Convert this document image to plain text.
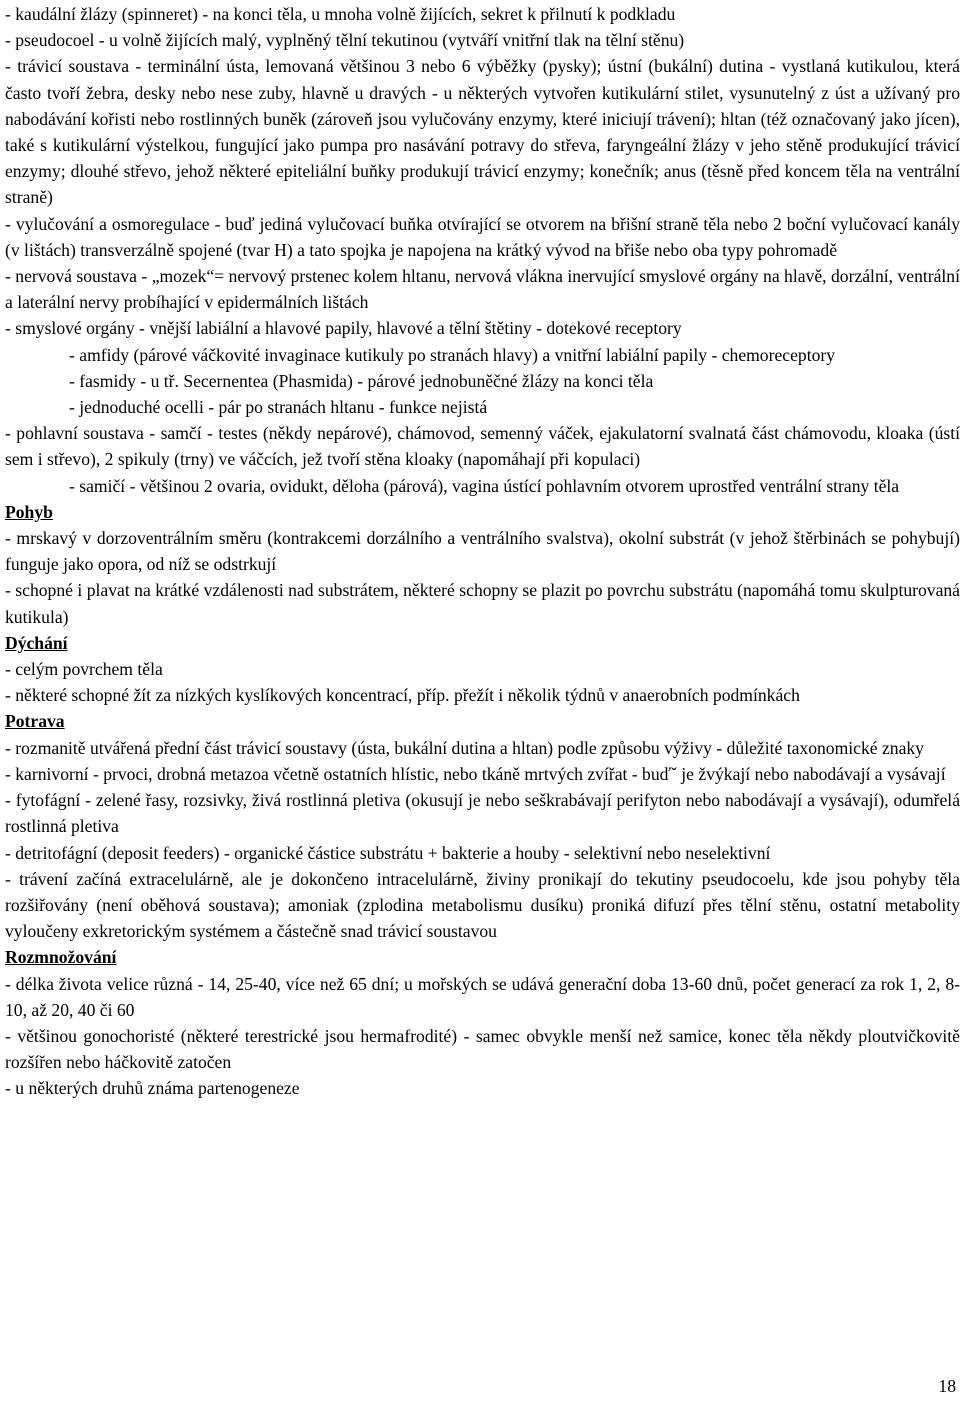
- kaudální žlázy (spinneret) - na konci těla, u mnoha volně žijících, sekret k přilnutí k podkladu

- pseudocoel - u volně žijících malý, vyplněný tělní tekutinou (vytváří vnitřní tlak na tělní stěnu)

- trávicí soustava - terminální ústa, lemovaná většinou 3 nebo 6 výběžky (pysky); ústní (bukální) dutina - vystlaná kutikulou, která často tvoří žebra, desky nebo nese zuby, hlavně u dravých - u některých vytvořen kutikulární stilet, vysunutelný z úst a užívaný pro nabodávání kořisti nebo rostlinných buněk (zároveň jsou vylučovány enzymy, které iniciují trávení); hltan (též označovaný jako jícen), také s kutikulární výstelkou, fungující jako pumpa pro nasávání potravy do střeva, faryngeální žlázy v jeho stěně produkující trávicí enzymy; dlouhé střevo, jehož některé epiteliální buňky produkují trávicí enzymy; konečník; anus (těsně před koncem těla na ventrální straně)

- vylučování a osmoregulace - buď jediná vylučovací buňka otvírající se otvorem na břišní straně těla nebo 2 boční vylučovací kanály (v lištách) transverzálně spojené (tvar H) a tato spojka je napojena na krátký vývod na břiše nebo oba typy pohromadě

- nervová soustava - „mozek“= nervový prstenec kolem hltanu, nervová vlákna inervující smyslové orgány na hlavě, dorzální, ventrální a laterální nervy probíhající v epidermálních lištách

- smyslové orgány - vnější labiální a hlavové papily, hlavové a tělní štětiny - dotekové receptory

- amfidy (párové váčkovité invaginace kutikuly po stranách hlavy) a vnitřní labiální papily - chemoreceptory

- fasmidy - u tř. Secernentea (Phasmida) - párové jednobuněčné žlázy na konci těla

- jednoduché ocelli - pár po stranách hltanu - funkce nejistá

- pohlavní soustava - samčí - testes (někdy nepárové), chámovod, semenný váček, ejakulatorní svalnatá část chámovodu, kloaka (ústí sem i střevo), 2 spikuly (trny) ve váčcích, jež tvoří stěna kloaky (napomáhají při kopulaci)

- samičí - většinou 2 ovaria, ovidukt, děloha (párová), vagina ústící pohlavním otvorem uprostřed ventrální strany těla

Pohyb

- mrskavý v dorzoventrálním směru (kontrakcemi dorzálního a ventrálního svalstva), okolní substrát (v jehož štěrbinách se pohybují) funguje jako opora, od níž se odstrkují

- schopné i plavat na krátké vzdálenosti nad substrátem, některé schopny se plazit po povrchu substrátu (napomáhá tomu skulpturovaná kutikula)

Dýchání

- celým povrchem těla

- některé schopné žít za nízkých kyslíkových koncentrací, příp. přežít i několik týdnů v anaerobních podmínkách

Potrava

- rozmanitě utvářená přední část trávicí soustavy (ústa, bukální dutina a hltan) podle způsobu výživy - důležité taxonomické znaky

- karnivorní - prvoci, drobná metazoa včetně ostatních hlístic, nebo tkáně mrtvých zvířat - buďˇ je žvýkají nebo nabodávají a vysávají

- fytofágní - zelené řasy, rozsivky, živá rostlinná pletiva (okusují je nebo seškrabávají perifyton nebo nabodávají a vysávají), odumřelá rostlinná pletiva

- detritofágní (deposit feeders) - organické částice substrátu + bakterie a houby - selektivní nebo neselektivní

- trávení začíná extracelulárně, ale je dokončeno intracelulárně, živiny pronikají do tekutiny pseudocoelu, kde jsou pohyby těla rozšiřovány (není oběhová soustava); amoniak (zplodina metabolismu dusíku) proniká difuzí přes tělní stěnu, ostatní metabolity vyloučeny exkretorickým systémem a částečně snad trávicí soustavou

Rozmnožování

- délka života velice různá - 14, 25-40, více než 65 dní; u mořských se udává generační doba 13-60 dnů, počet generací za rok 1, 2, 8-10, až 20, 40 či 60

- většinou gonochoristé (některé terestrické jsou hermafrodité) - samec obvykle menší než samice, konec těla někdy ploutvičkovitě rozšířen nebo háčkovitě zatočen

- u některých druhů známa partenogeneze

18
